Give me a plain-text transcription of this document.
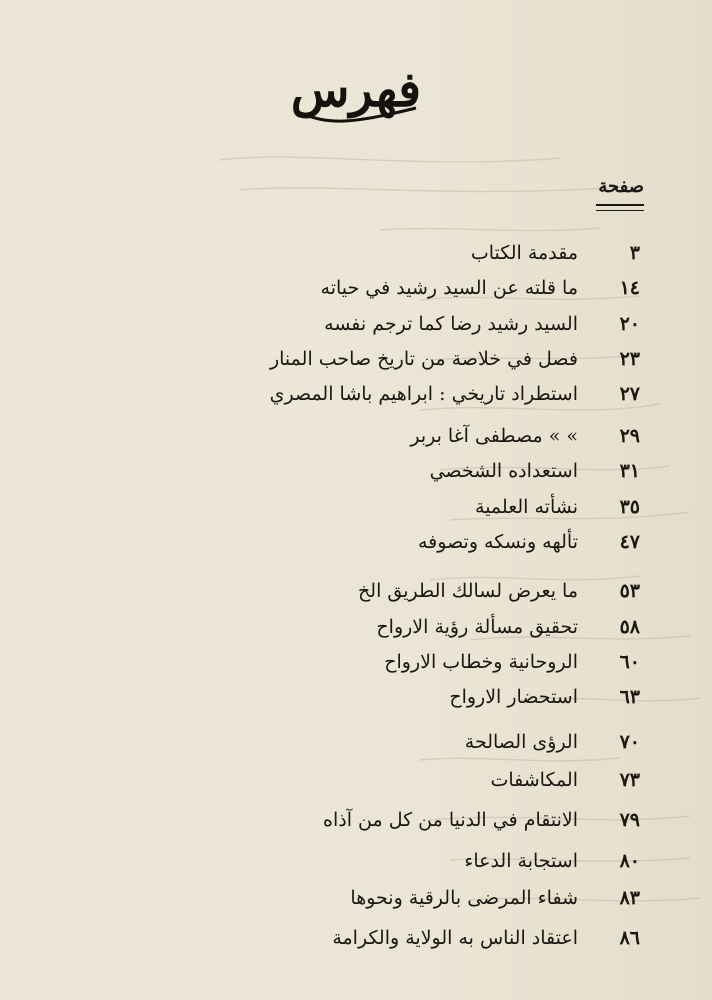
فهرس
صفحة
٣
مقدمة الكتاب
١٤
ما قلته عن السيد رشيد في حياته
٢٠
السيد رشيد رضا كما ترجم نفسه
٢٣
فصل في خلاصة من تاريخ صاحب المنار
٢٧
استطراد تاريخي : ابراهيم باشا المصري
٢٩
» » مصطفى آغا بربر
٣١
استعداده الشخصي
٣٥
نشأته العلمية
٤٧
تألهه ونسكه وتصوفه
٥٣
ما يعرض لسالك الطريق الخ
٥٨
تحقيق مسألة رؤية الارواح
٦٠
الروحانية وخطاب الارواح
٦٣
استحضار الارواح
٧٠
الرؤى الصالحة
٧٣
المكاشفات
٧٩
الانتقام في الدنيا من كل من آذاه
٨٠
استجابة الدعاء
٨٣
شفاء المرضى بالرقية ونحوها
٨٦
اعتقاد الناس به الولاية والكرامة
